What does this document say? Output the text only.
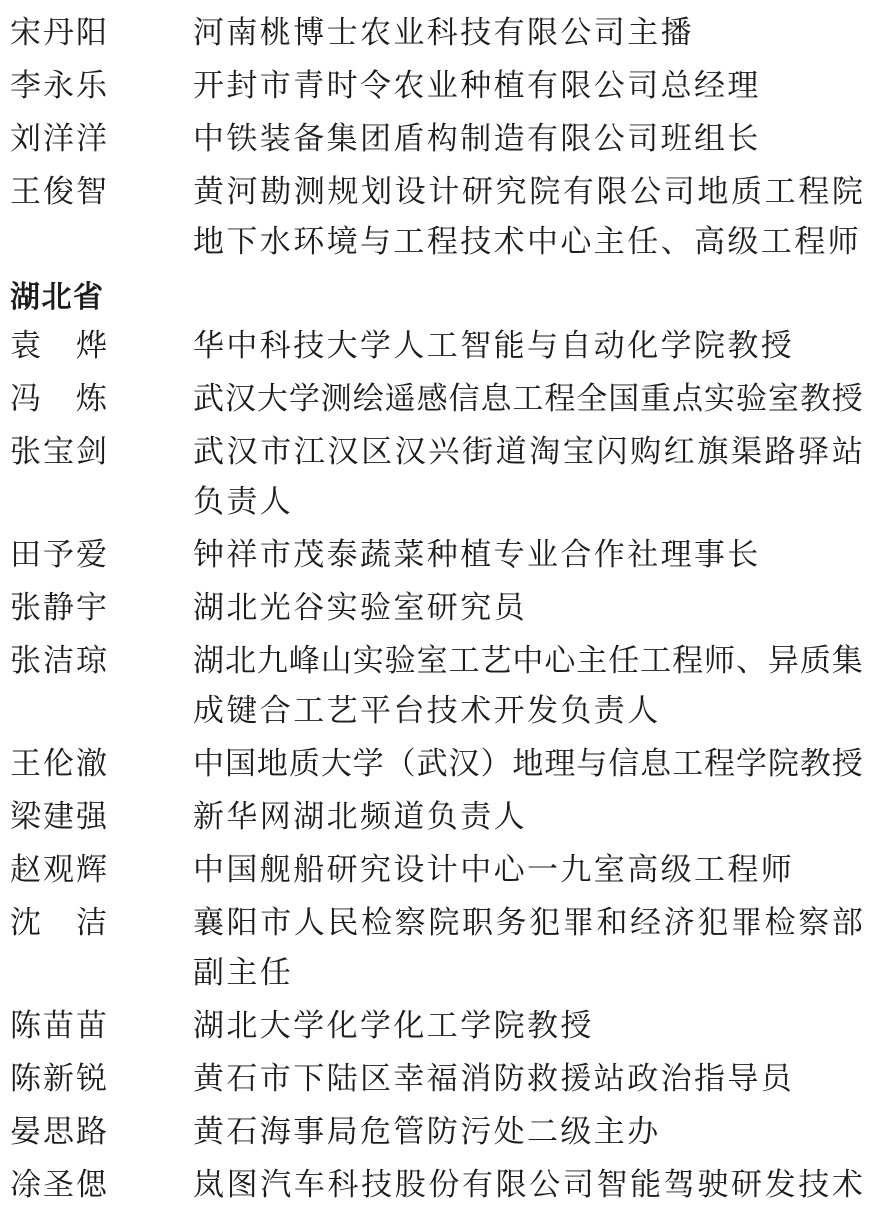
宋 丹 阳	河南桃博士农业科技有限公司主播
李 永 乐	开封市青时令农业种植有限公司总经理
刘 洋 洋	中铁装备集团盾构制造有限公司班组长
王 俊 智	黄 河 勘 测 规 划 设 计 研 究 院 有 限 公 司 地 质 工 程 院
地下水环境与工程技术中心主任、高级工程师
湖北省
袁 烨	华中科技大学人工智能与自动化学院教授
冯 炼	武 汉 大 学 测 绘 遥 感 信 息 工 程 全 国 重 点 实 验 室 教 授
张 宝 剑	武 汉 市 江 汉 区 汉 兴 街 道 淘 宝 闪 购 红 旗 渠 路 驿 站
负责人
田 予 爱	钟祥市茂泰蔬菜种植专业合作社理事长
张 静 宇	湖北光谷实验室研究员
张 洁 琼	湖 北 九 峰 山 实 验 室 工 艺 中 心 主 任 工 程 师 、 异 质 集
成键合工艺平台技术开发负责人
王 伦 澈	中 国 地 质 大 学 （ 武 汉 ） 地 理 与 信 息 工 程 学 院 教 授
梁 建 强	新华网湖北频道负责人
赵 观 辉	中国舰船研究设计中心一九室高级工程师
沈 洁	襄 阳 市 人 民 检 察 院 职 务 犯 罪 和 经 济 犯 罪 检 察 部
副主任
陈 苗 苗	湖北大学化学化工学院教授
陈 新 锐	黄石市下陆区幸福消防救援站政治指导员
晏 思 路	黄石海事局危管防污处二级主办
凃 圣 偲	岚 图 汽 车 科 技 股 份 有 限 公 司 智 能 驾 驶 研 发 技 术
